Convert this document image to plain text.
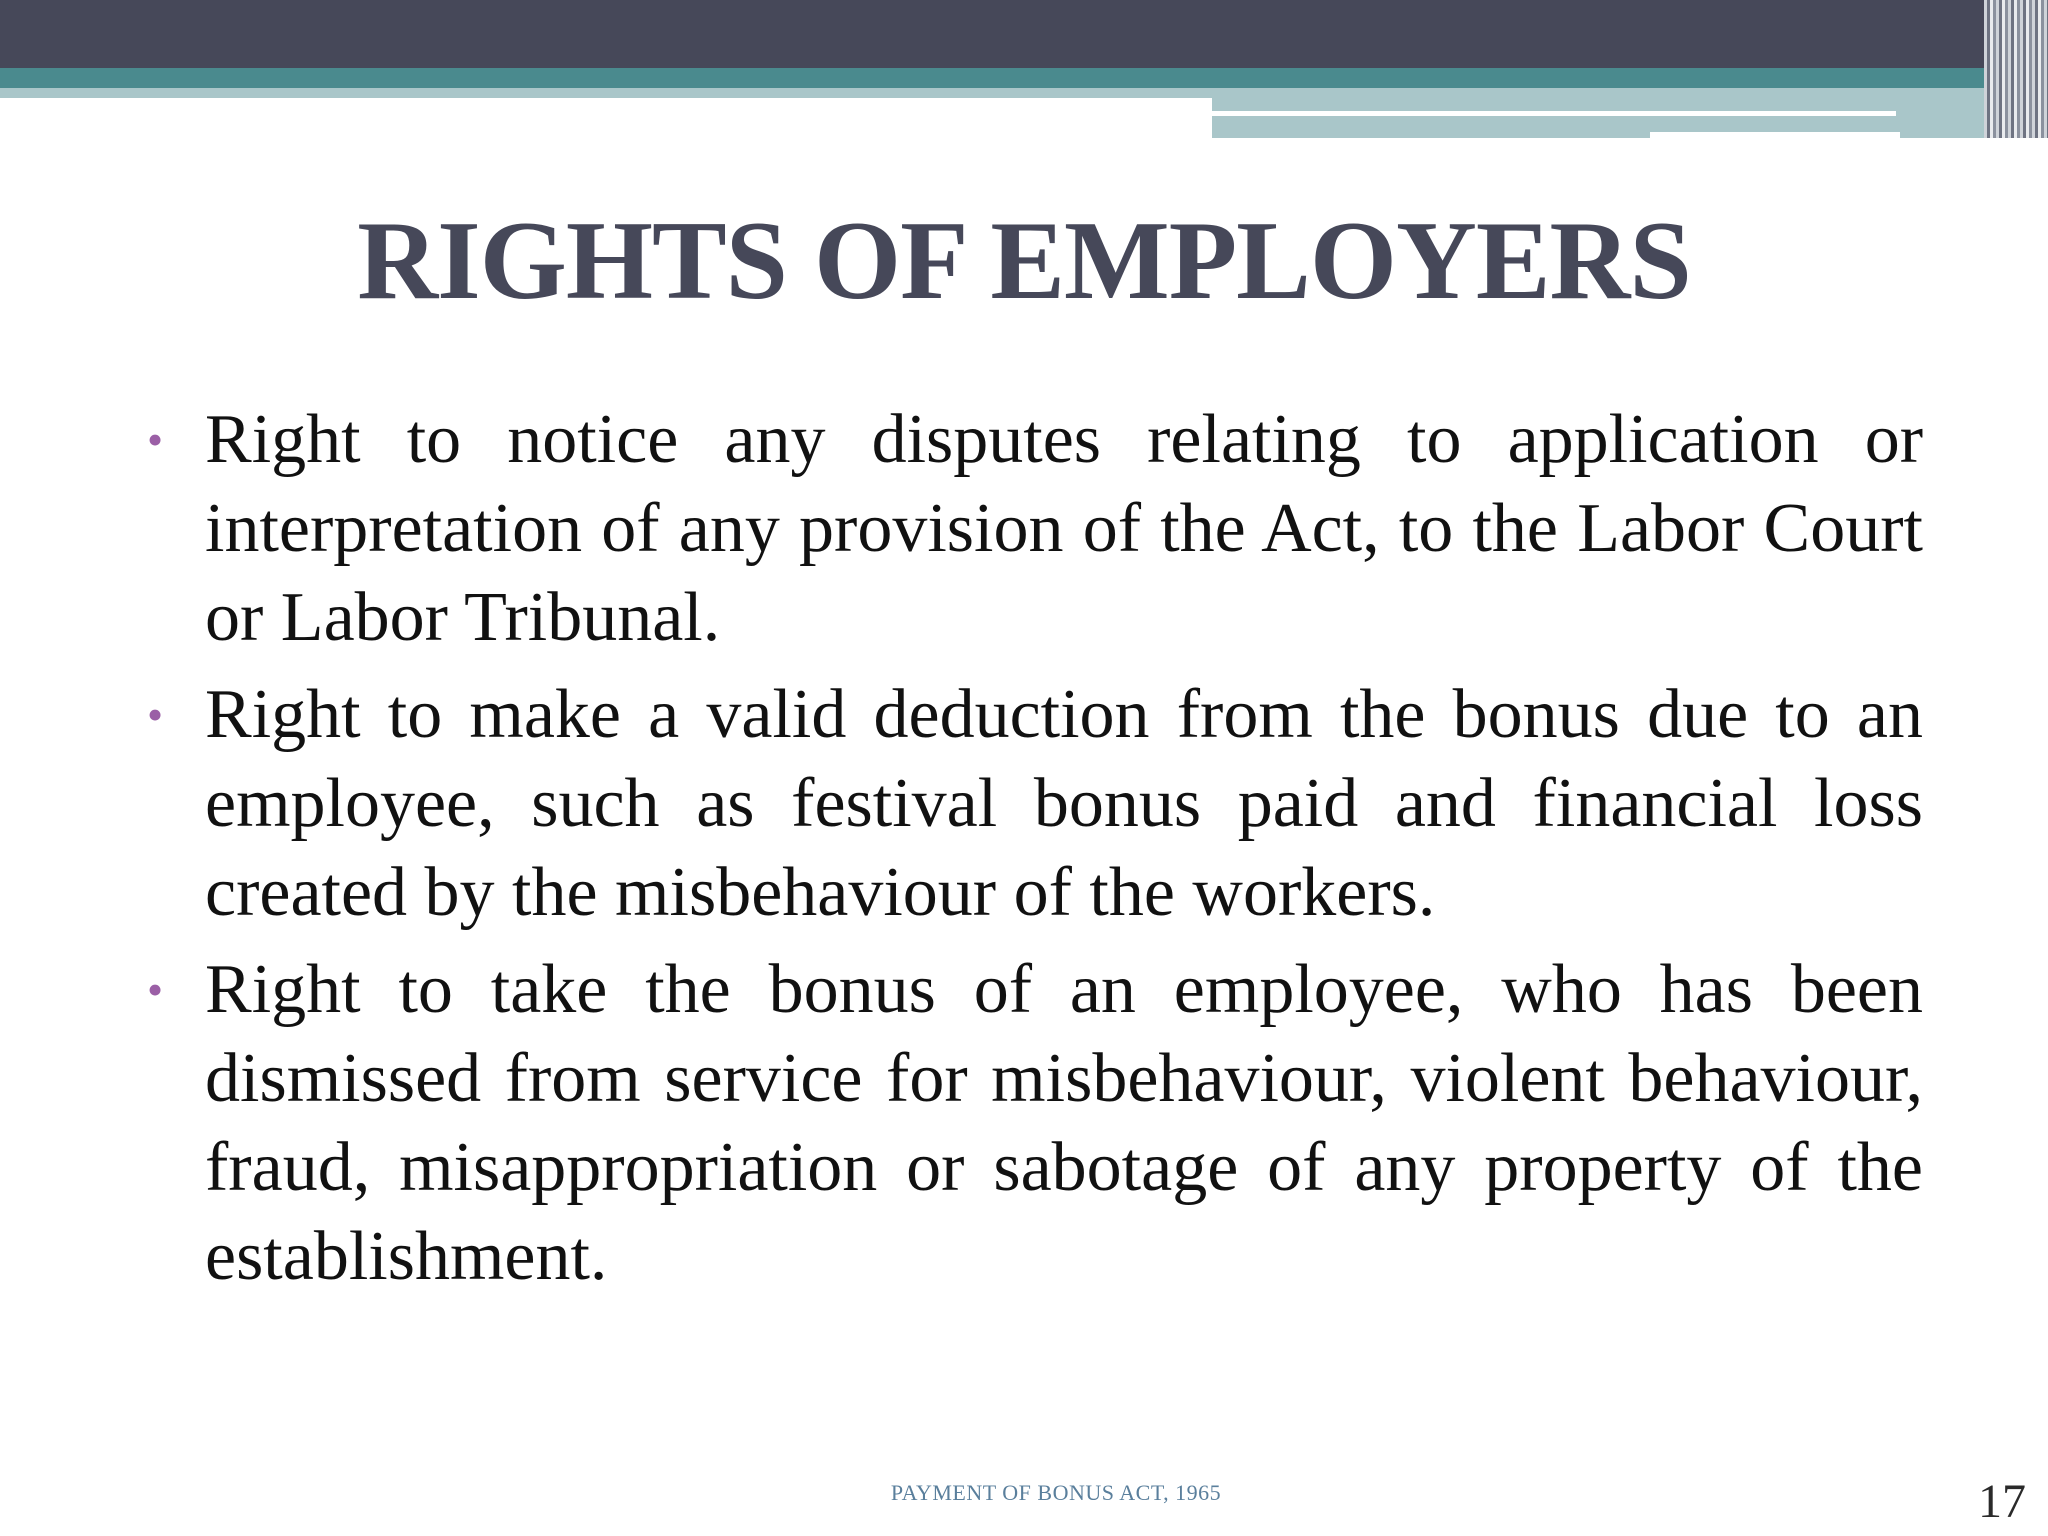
RIGHTS OF EMPLOYERS
• Right to notice any disputes relating to application or interpretation of any provision of the Act, to the Labor Court or Labor Tribunal.
• Right to make a valid deduction from the bonus due to an employee, such as festival bonus paid and financial loss created by the misbehaviour of the workers.
• Right to take the bonus of an employee, who has been dismissed from service for misbehaviour, violent behaviour, fraud, misappropriation or sabotage of any property of the establishment.
PAYMENT OF BONUS ACT, 1965	17
